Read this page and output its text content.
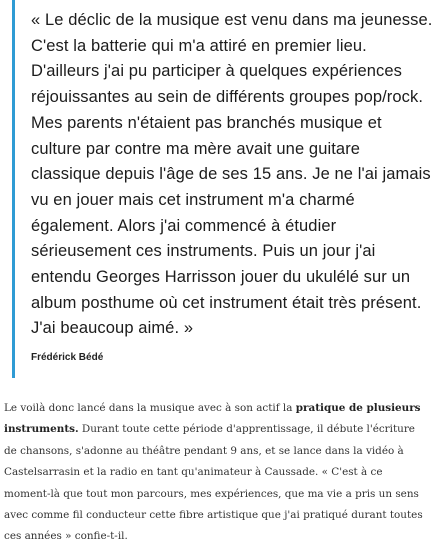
« Le déclic de la musique est venu dans ma jeunesse. C'est la batterie qui m'a attiré en premier lieu. D'ailleurs j'ai pu participer à quelques expériences réjouissantes au sein de différents groupes pop/rock. Mes parents n'étaient pas branchés musique et culture par contre ma mère avait une guitare classique depuis l'âge de ses 15 ans. Je ne l'ai jamais vu en jouer mais cet instrument m'a charmé également. Alors j'ai commencé à étudier sérieusement ces instruments. Puis un jour j'ai entendu Georges Harrisson jouer du ukulélé sur un album posthume où cet instrument était très présent. J'ai beaucoup aimé. »

Frédérick Bédé

Le voilà donc lancé dans la musique avec à son actif la pratique de plusieurs instruments. Durant toute cette période d'apprentissage, il débute l'écriture de chansons, s'adonne au théâtre pendant 9 ans, et se lance dans la vidéo à Castelsarrasin et la radio en tant qu'animateur à Caussade. « C'est à ce moment-là que tout mon parcours, mes expériences, que ma vie a pris un sens avec comme fil conducteur cette fibre artistique que j'ai pratiqué durant toutes ces années » confie-t-il.
